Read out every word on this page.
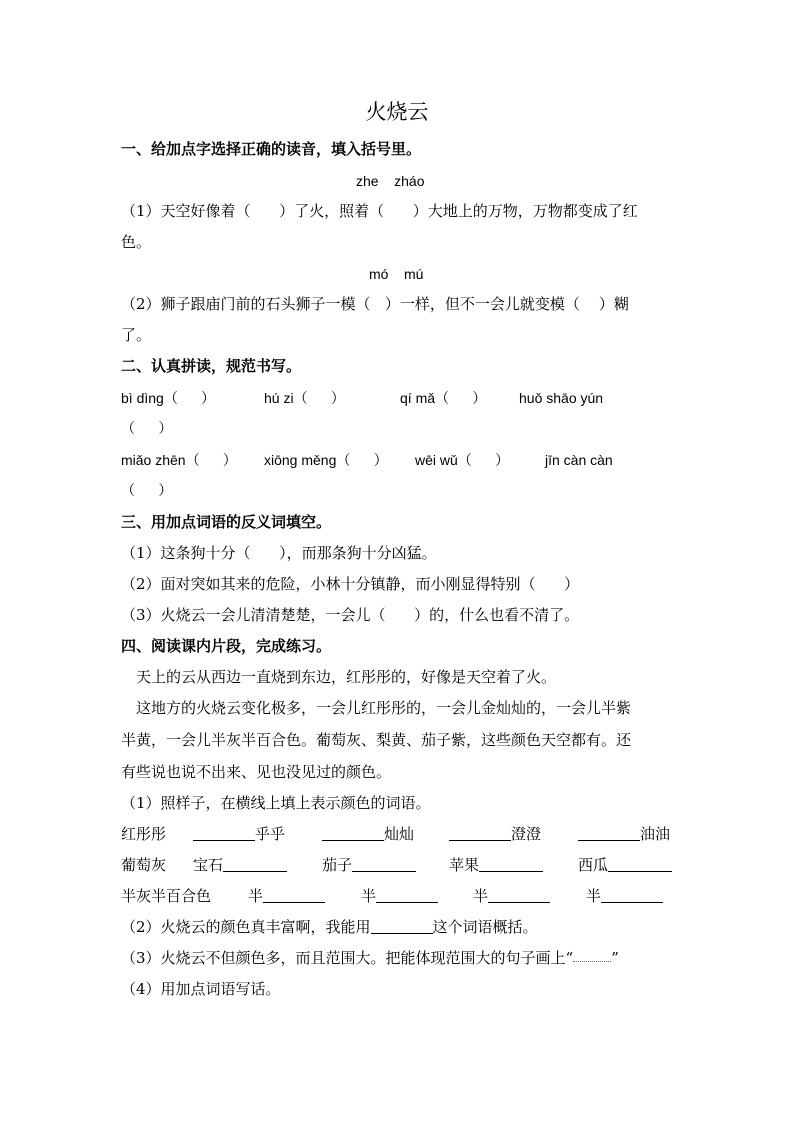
火烧云
一、给加点字选择正确的读音，填入括号里。
zhe    zháo
（1）天空好像着（      ）了火，照着（      ）大地上的万物，万物都变成了红
色。
mó    mú
（2）狮子跟庙门前的石头狮子一模（   ）一样，但不一会儿就变模（    ）糊
了。
二、认真拼读，规范书写。
bì dìng（      ）	hú zi（      ）	qí mǎ（      ） huǒ shāo yún
（      ）
miǎo zhēn（      ） xiōng měng（      ） wēi wǔ（      ）	jīn càn càn
（      ）
三、用加点词语的反义词填空。
（1）这条狗十分（      ），而那条狗十分凶猛。
（2）面对突如其来的危险，小林十分镇静，而小刚显得特别（      ）
（3）火烧云一会儿清清楚楚，一会儿（      ）的，什么也看不清了。
四、阅读课内片段，完成练习。
天上的云从西边一直烧到东边，红彤彤的，好像是天空着了火。
这地方的火烧云变化极多，一会儿红彤彤的，一会儿金灿灿的，一会儿半紫
半黄，一会儿半灰半百合色。葡萄灰、梨黄、茄子紫，这些颜色天空都有。还
有些说也说不出来、见也没见过的颜色。
（1）照样子，在横线上填上表示颜色的词语。
红彤彤	乎乎	灿灿	澄澄	油油
葡萄灰 宝石	茄子	苹果	西瓜
半灰半百合色 半	半	半	半
（2）火烧云的颜色真丰富啊，我能用	这个词语概括。
（3）火烧云不但颜色多，而且范围大。把能体现范围大的句子画上“	”
（4）用加点词语写话。
